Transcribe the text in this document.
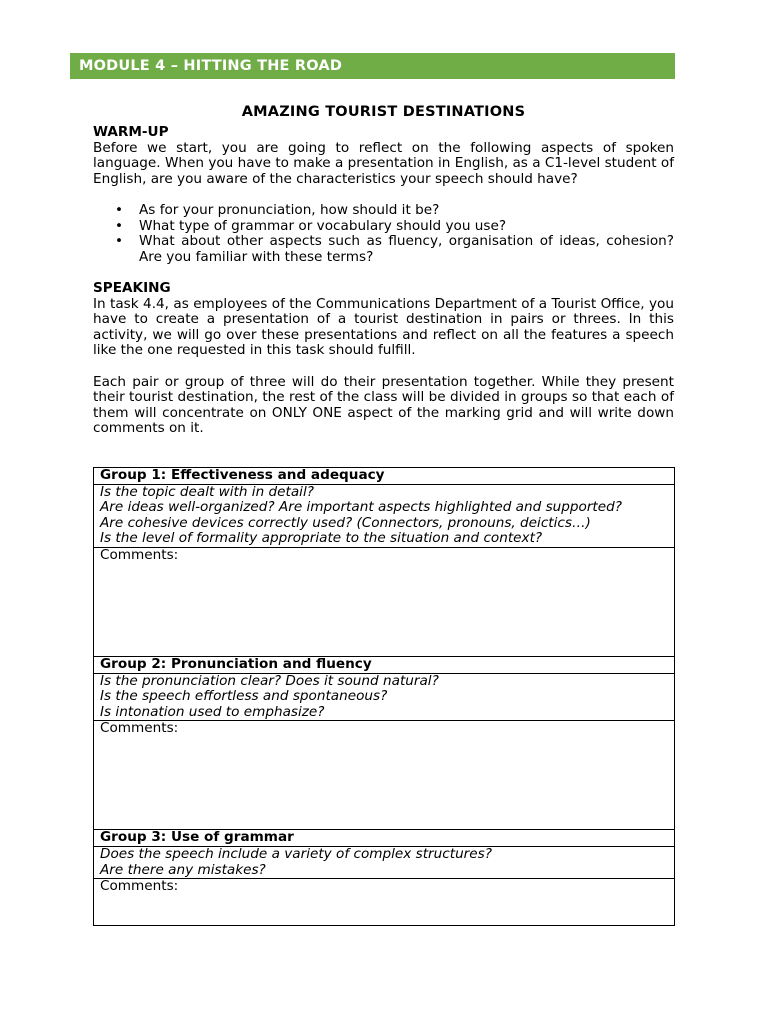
MODULE 4 – HITTING THE ROAD
AMAZING TOURIST DESTINATIONS
WARM-UP

Before we start, you are going to reflect on the following aspects of spoken language. When you have to make a presentation in English, as a C1-level student of English, are you aware of the characteristics your speech should have?

• As for your pronunciation, how should it be?
• What type of grammar or vocabulary should you use?
• What about other aspects such as fluency, organisation of ideas, cohesion? Are you familiar with these terms?
SPEAKING

In task 4.4, as employees of the Communications Department of a Tourist Office, you have to create a presentation of a tourist destination in pairs or threes. In this activity, we will go over these presentations and reflect on all the features a speech like the one requested in this task should fulfill.

Each pair or group of three will do their presentation together. While they present their tourist destination, the rest of the class will be divided in groups so that each of them will concentrate on ONLY ONE aspect of the marking grid and will write down comments on it.

Group 1: Effectiveness and adequacy

Is the topic dealt with in detail?
Are ideas well-organized? Are important aspects highlighted and supported?
Are cohesive devices correctly used? (Connectors, pronouns, deictics…)
Is the level of formality appropriate to the situation and context?

Comments:
Group 2: Pronunciation and fluency

Is the pronunciation clear? Does it sound natural?
Is the speech effortless and spontaneous?
Is intonation used to emphasize?

Comments:
Group 3: Use of grammar

Does the speech include a variety of complex structures?
Are there any mistakes?

Comments:
